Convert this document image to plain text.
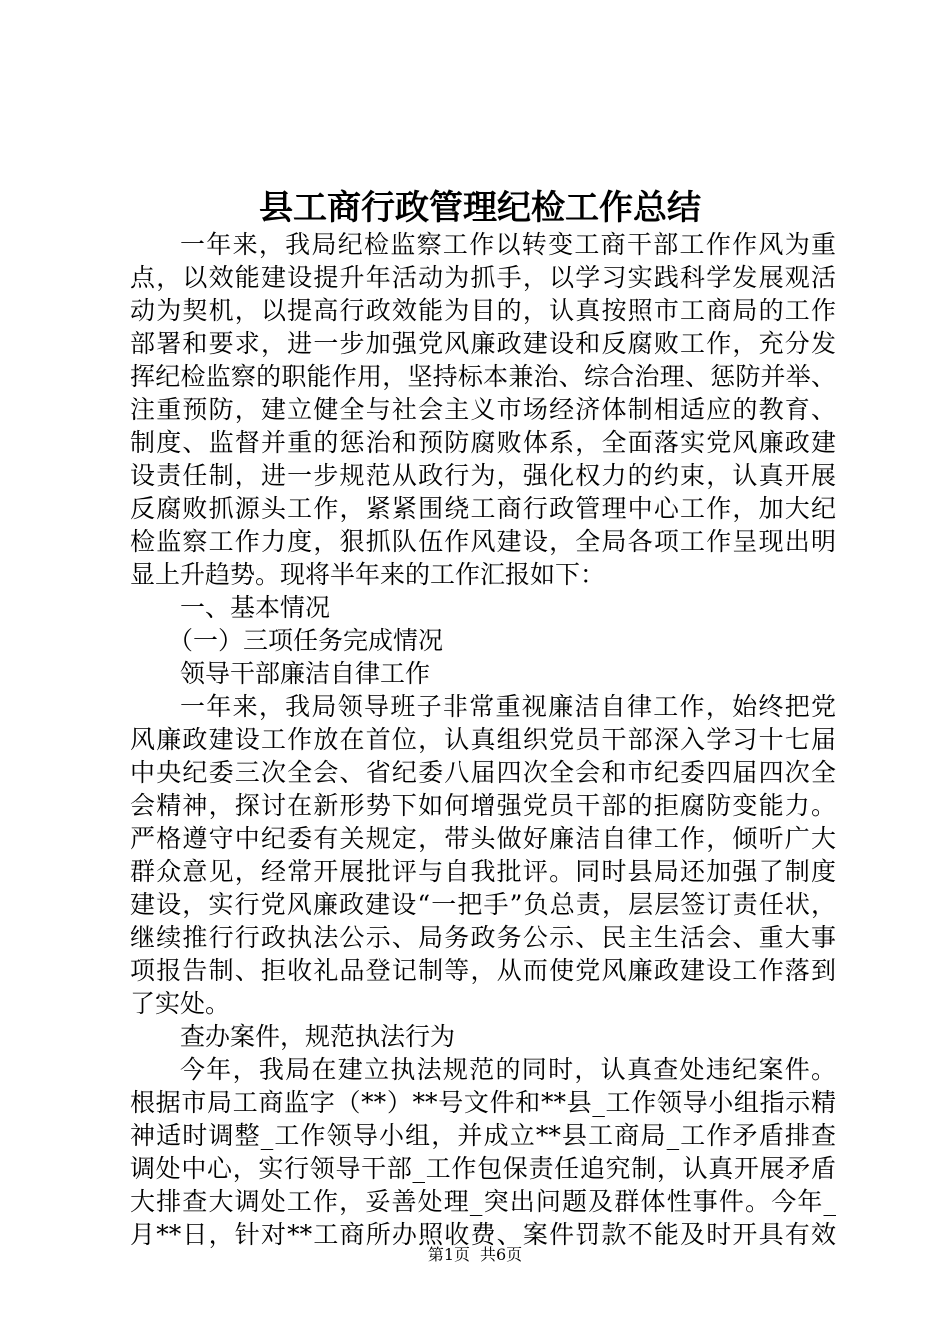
县工商行政管理纪检工作总结
一年来，我局纪检监察工作以转变工商干部工作作风为重
点，以效能建设提升年活动为抓手，以学习实践科学发展观活
动为契机，以提高行政效能为目的，认真按照市工商局的工作
部署和要求，进一步加强党风廉政建设和反腐败工作，充分发
挥纪检监察的职能作用，坚持标本兼治、综合治理、惩防并举、
注重预防，建立健全与社会主义市场经济体制相适应的教育、
制度、监督并重的惩治和预防腐败体系，全面落实党风廉政建
设责任制，进一步规范从政行为，强化权力的约束，认真开展
反腐败抓源头工作，紧紧围绕工商行政管理中心工作，加大纪
检监察工作力度，狠抓队伍作风建设，全局各项工作呈现出明
显上升趋势。现将半年来的工作汇报如下：
一、基本情况
（一）三项任务完成情况
领导干部廉洁自律工作
一年来，我局领导班子非常重视廉洁自律工作，始终把党
风廉政建设工作放在首位，认真组织党员干部深入学习十七届
中央纪委三次全会、省纪委八届四次全会和市纪委四届四次全
会精神，探讨在新形势下如何增强党员干部的拒腐防变能力。
严格遵守中纪委有关规定，带头做好廉洁自律工作，倾听广大
群众意见，经常开展批评与自我批评。同时县局还加强了制度
建设，实行党风廉政建设“一把手”负总责，层层签订责任状，
继续推行行政执法公示、局务政务公示、民主生活会、重大事
项报告制、拒收礼品登记制等，从而使党风廉政建设工作落到
了实处。
查办案件，规范执法行为
今年，我局在建立执法规范的同时，认真查处违纪案件。
根据市局工商监字（**）**号文件和**县_工作领导小组指示精
神适时调整_工作领导小组，并成立**县工商局_工作矛盾排查
调处中心，实行领导干部_工作包保责任追究制，认真开展矛盾
大排查大调处工作，妥善处理_突出问题及群体性事件。今年_
月**日，针对**工商所办照收费、案件罚款不能及时开具有效
第1页 共6页
